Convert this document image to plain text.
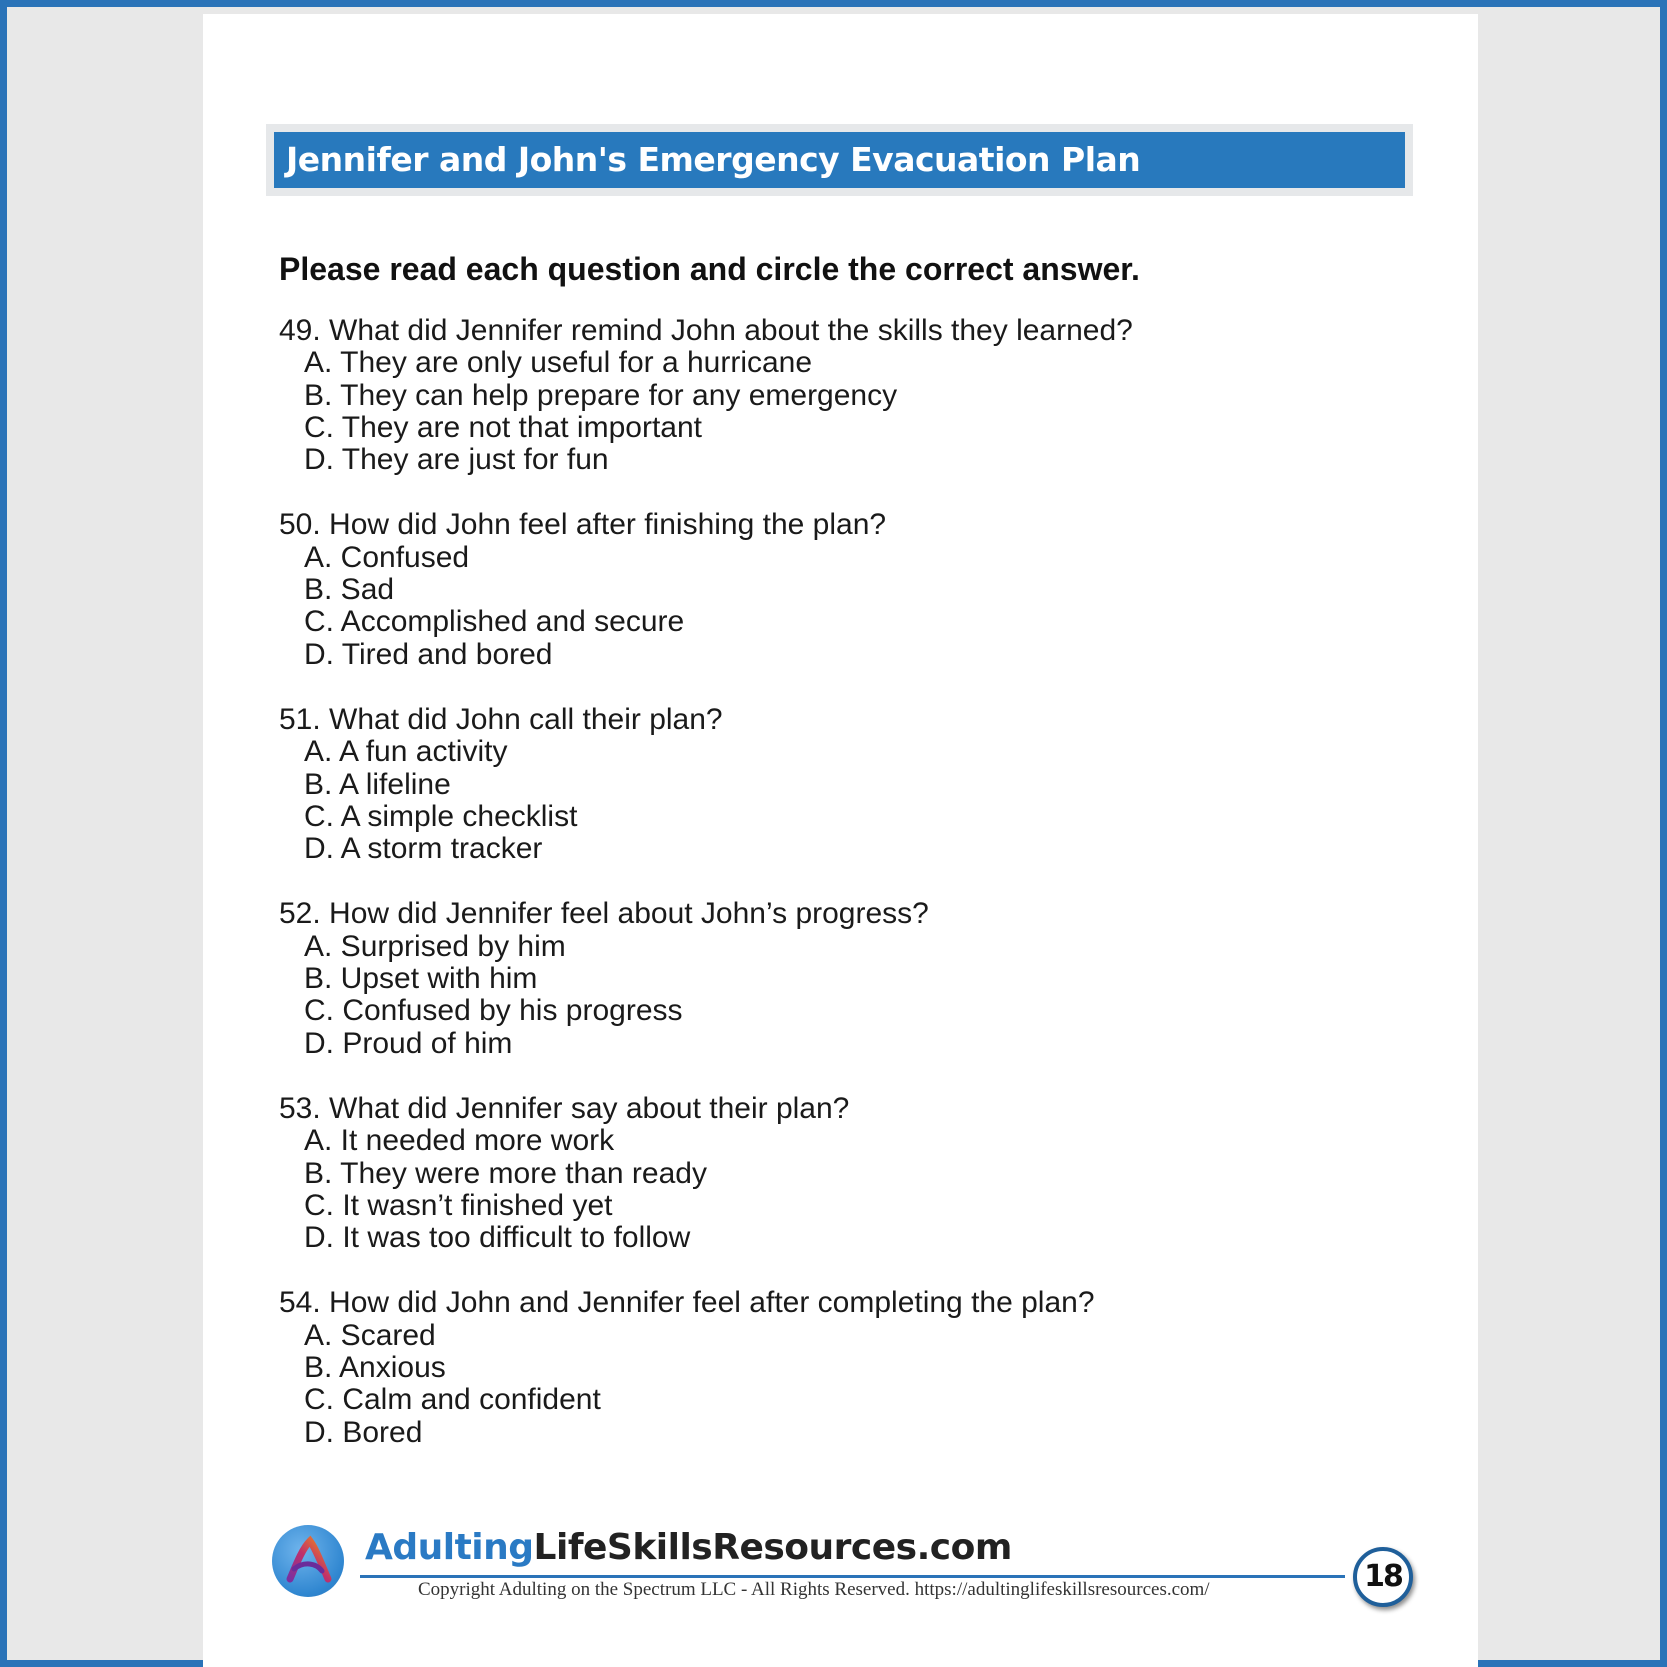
Jennifer and John's Emergency Evacuation Plan
Please read each question and circle the correct answer.
49. What did Jennifer remind John about the skills they learned?
A. They are only useful for a hurricane
B. They can help prepare for any emergency
C. They are not that important
D. They are just for fun
50. How did John feel after finishing the plan?
A. Confused
B. Sad
C. Accomplished and secure
D. Tired and bored
51. What did John call their plan?
A. A fun activity
B. A lifeline
C. A simple checklist
D. A storm tracker
52. How did Jennifer feel about John’s progress?
A. Surprised by him
B. Upset with him
C. Confused by his progress
D. Proud of him
53. What did Jennifer say about their plan?
A. It needed more work
B. They were more than ready
C. It wasn’t finished yet
D. It was too difficult to follow
54. How did John and Jennifer feel after completing the plan?
A. Scared
B. Anxious
C. Calm and confident
D. Bored
AdultingLifeSkillsResources.com
Copyright Adulting on the Spectrum LLC - All Rights Reserved. https://adultinglifeskillsresources.com/	18
